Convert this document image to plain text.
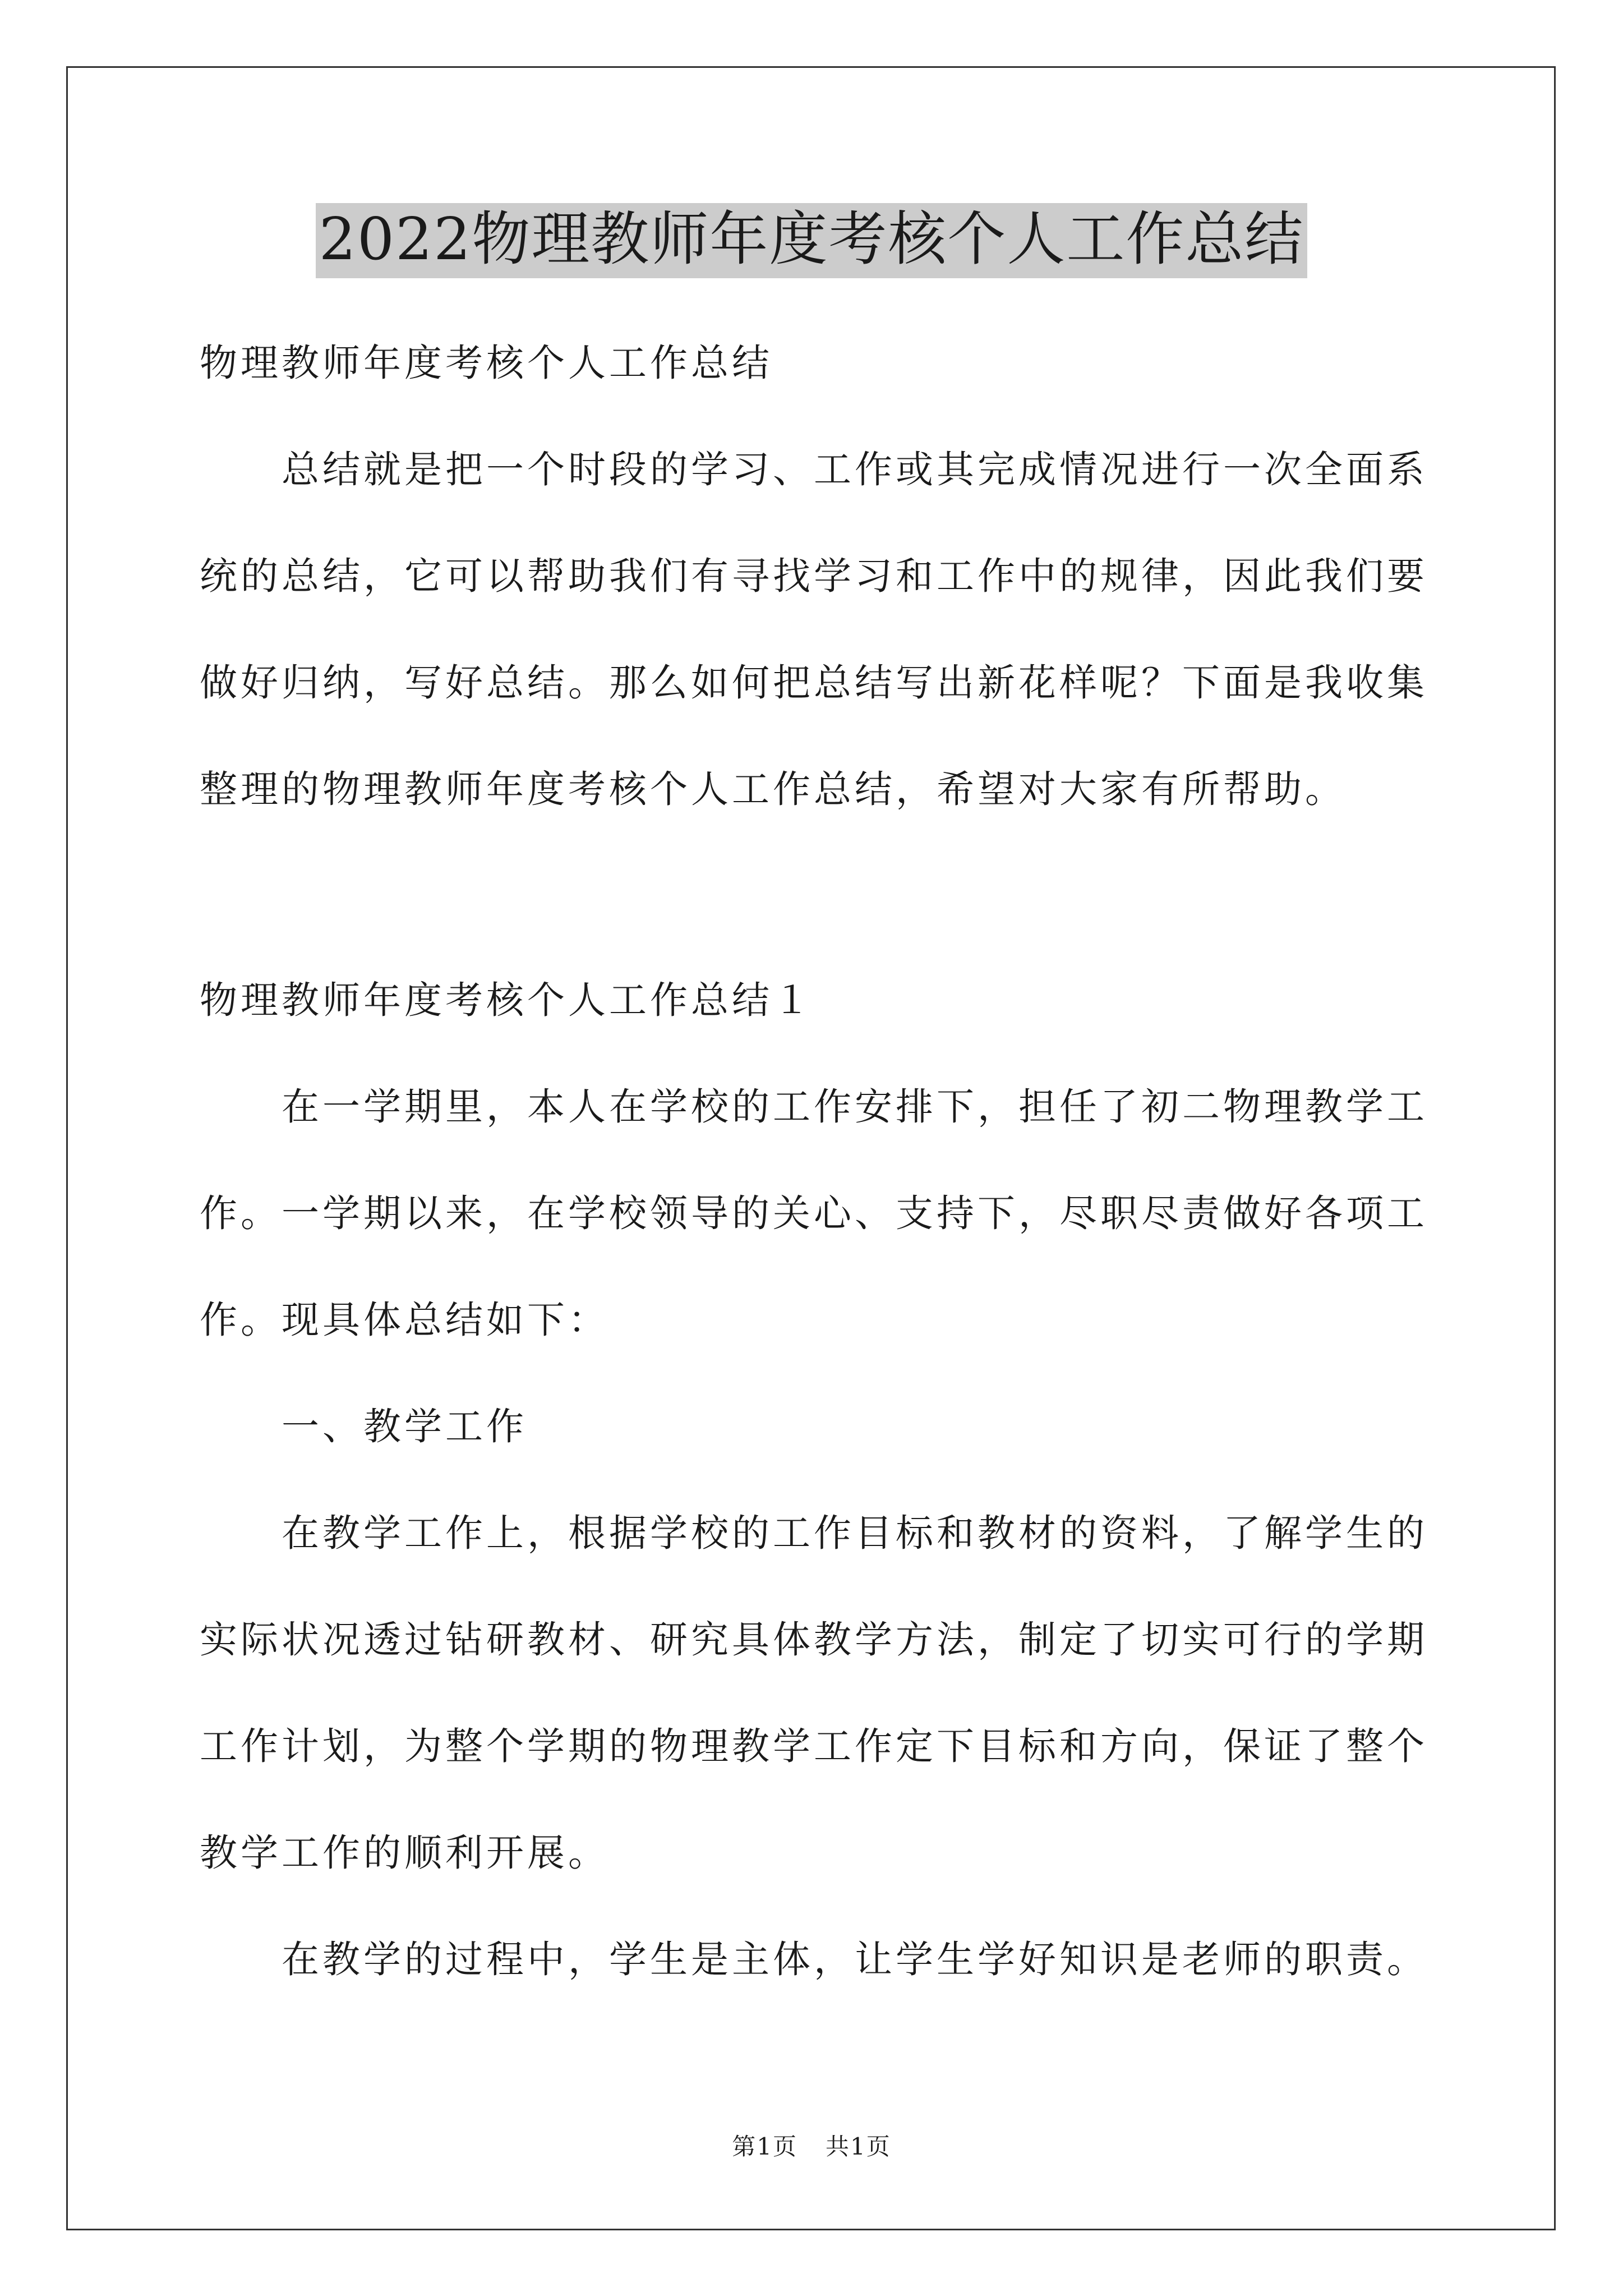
2022物理教师年度考核个人工作总结
物理教师年度考核个人工作总结
总结就是把一个时段的学习、工作或其完成情况进行一次全面系
统的总结，它可以帮助我们有寻找学习和工作中的规律，因此我们要
做好归纳，写好总结。那么如何把总结写出新花样呢？下面是我收集
整理的物理教师年度考核个人工作总结，希望对大家有所帮助。
物理教师年度考核个人工作总结１
在一学期里，本人在学校的工作安排下，担任了初二物理教学工
作。一学期以来，在学校领导的关心、支持下，尽职尽责做好各项工
作。现具体总结如下：
一、教学工作
在教学工作上，根据学校的工作目标和教材的资料，了解学生的
实际状况透过钻研教材、研究具体教学方法，制定了切实可行的学期
工作计划，为整个学期的物理教学工作定下目标和方向，保证了整个
教学工作的顺利开展。
在教学的过程中，学生是主体，让学生学好知识是老师的职责。
第1页 共1页
